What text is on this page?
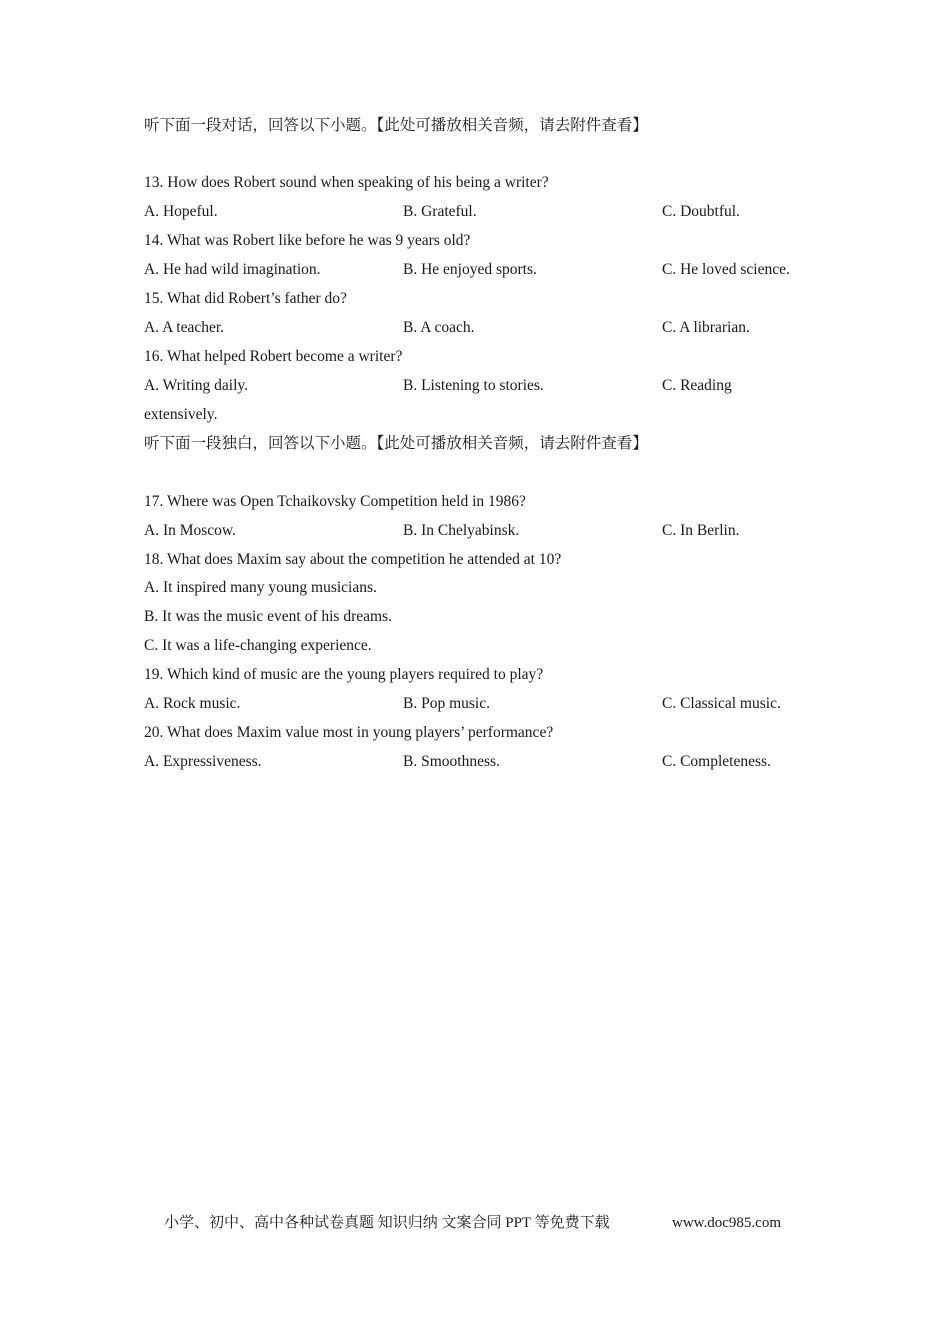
听下面一段对话，回答以下小题。【此处可播放相关音频，请去附件查看】
13. How does Robert sound when speaking of his being a writer?
A. Hopeful.	B. Grateful.	C. Doubtful.
14. What was Robert like before he was 9 years old?
A. He had wild imagination.	B. He enjoyed sports.	C. He loved science.
15. What did Robert’s father do?
A. A teacher.	B. A coach.	C. A librarian.
16. What helped Robert become a writer?
A. Writing daily.	B. Listening to stories.	C. Reading
extensively.
听下面一段独白，回答以下小题。【此处可播放相关音频，请去附件查看】
17. Where was Open Tchaikovsky Competition held in 1986?
A. In Moscow.	B. In Chelyabinsk.	C. In Berlin.
18. What does Maxim say about the competition he attended at 10?
A. It inspired many young musicians.
B. It was the music event of his dreams.
C. It was a life-changing experience.
19. Which kind of music are the young players required to play?
A. Rock music.	B. Pop music.	C. Classical music.
20. What does Maxim value most in young players’ performance?
A. Expressiveness.	B. Smoothness.	C. Completeness.
小学、初中、高中各种试卷真题 知识归纳 文案合同 PPT 等免费下载	www.doc985.com
